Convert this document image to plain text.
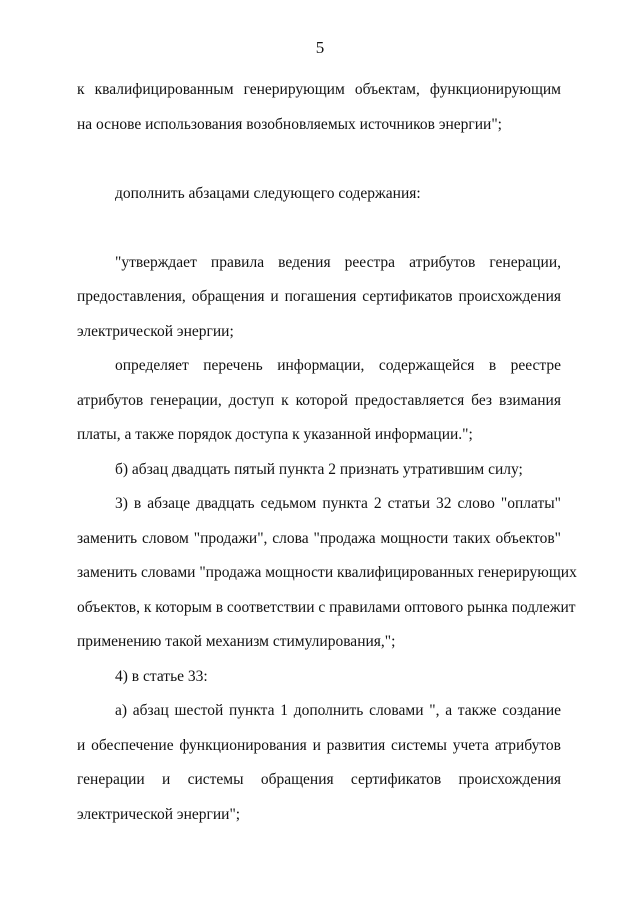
5
к квалифицированным генерирующим объектам, функционирующим
на основе использования возобновляемых источников энергии";
дополнить абзацами следующего содержания:
"утверждает правила ведения реестра атрибутов генерации,
предоставления, обращения и погашения сертификатов происхождения
электрической энергии;
определяет перечень информации, содержащейся в реестре
атрибутов генерации, доступ к которой предоставляется без взимания
платы, а также порядок доступа к указанной информации.";
б) абзац двадцать пятый пункта 2 признать утратившим силу;
3) в абзаце двадцать седьмом пункта 2 статьи 32 слово "оплаты"
заменить словом "продажи", слова "продажа мощности таких объектов"
заменить словами "продажа мощности квалифицированных генерирующих
объектов, к которым в соответствии с правилами оптового рынка подлежит
применению такой механизм стимулирования,";
4) в статье 33:
а) абзац шестой пункта 1 дополнить словами ", а также создание
и обеспечение функционирования и развития системы учета атрибутов
генерации и системы обращения сертификатов происхождения
электрической энергии";
